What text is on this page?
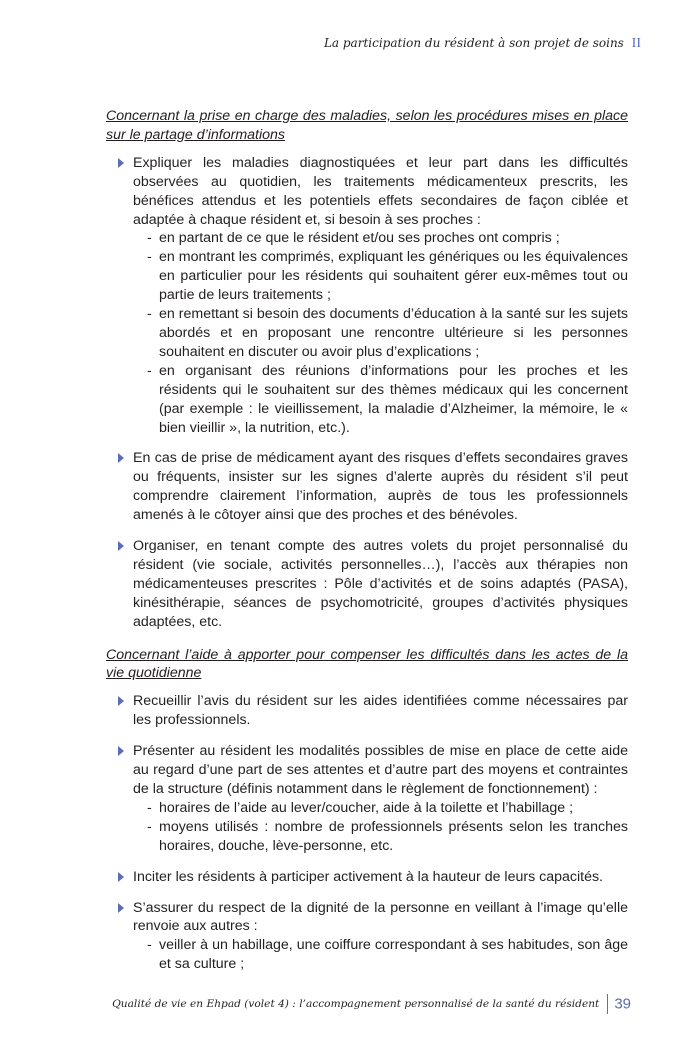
La participation du résident à son projet de soins II

Concernant la prise en charge des maladies, selon les procédures mises en place sur le partage d’informations

Expliquer les maladies diagnostiquées et leur part dans les difficultés observées au quotidien, les traitements médicamenteux prescrits, les bénéfices attendus et les potentiels effets secondaires de façon ciblée et adaptée à chaque résident et, si besoin à ses proches :
- en partant de ce que le résident et/ou ses proches ont compris ;
- en montrant les comprimés, expliquant les génériques ou les équivalences en particulier pour les résidents qui souhaitent gérer eux-mêmes tout ou partie de leurs traitements ;
- en remettant si besoin des documents d’éducation à la santé sur les sujets abordés et en proposant une rencontre ultérieure si les personnes souhaitent en discuter ou avoir plus d’explications ;
- en organisant des réunions d’informations pour les proches et les résidents qui le souhaitent sur des thèmes médicaux qui les concernent (par exemple : le vieillissement, la maladie d’Alzheimer, la mémoire, le « bien vieillir », la nutrition, etc.).
En cas de prise de médicament ayant des risques d’effets secondaires graves ou fréquents, insister sur les signes d’alerte auprès du résident s’il peut comprendre clairement l’information, auprès de tous les professionnels amenés à le côtoyer ainsi que des proches et des bénévoles.
Organiser, en tenant compte des autres volets du projet personnalisé du résident (vie sociale, activités personnelles…), l’accès aux thérapies non médicamenteuses prescrites : Pôle d’activités et de soins adaptés (PASA), kinésithérapie, séances de psychomotricité, groupes d’activités physiques adaptées, etc.

Concernant l’aide à apporter pour compenser les difficultés dans les actes de la vie quotidienne

Recueillir l’avis du résident sur les aides identifiées comme nécessaires par les professionnels.
Présenter au résident les modalités possibles de mise en place de cette aide au regard d’une part de ses attentes et d’autre part des moyens et contraintes de la structure (définis notamment dans le règlement de fonctionnement) :
- horaires de l’aide au lever/coucher, aide à la toilette et l’habillage ;
- moyens utilisés : nombre de professionnels présents selon les tranches horaires, douche, lève-personne, etc.
Inciter les résidents à participer activement à la hauteur de leurs capacités.
S’assurer du respect de la dignité de la personne en veillant à l’image qu’elle renvoie aux autres :
- veiller à un habillage, une coiffure correspondant à ses habitudes, son âge et sa culture ;
Qualité de vie en Ehpad (volet 4) : l’accompagnement personnalisé de la santé du résident 39
